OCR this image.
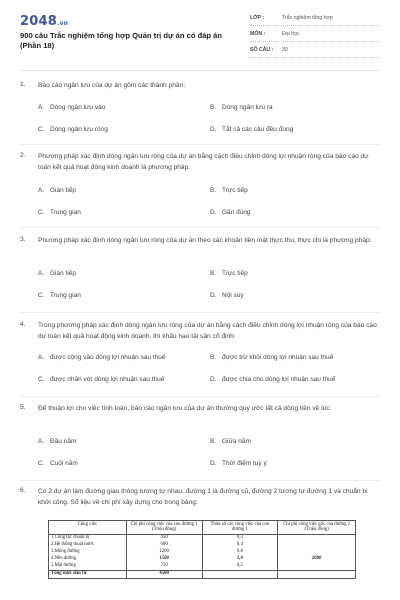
2048.vn
900 câu Trắc nghiệm tổng hợp Quản trị dự án có đáp án (Phần 18)
LỚP :	Trắc nghiệm tổng hợp
MÔN :	Đại học
SỐ CÂU : 30
1. Báo cáo ngân lưu của dự án gồm các thành phần:
A. Dòng ngân lưu vào	B. Dòng ngân lưu ra
C. Dòng ngân lưu ròng	D. Tất cả các câu đều đúng
2. Phương pháp xác định dòng ngân lưu ròng của dự án bằng cách điều chỉnh dòng lợi nhuận ròng của báo cáo dự toán kết quả hoạt động kinh doanh là phương pháp:
A. Gián tiếp	B. Trực tiếp
C. Trung gian	D. Gần đúng
3. Phương pháp xác định dòng ngân lưu ròng của dự án theo các khoản tiền mặt thực thu, thực chi là phương pháp:
A. Gián tiếp	B. Trực tiếp
C. Trung gian	D. Nội suy
4. Trong phương pháp xác định dòng ngân lưu ròng của dự án bằng cách điều chỉnh dòng lợi nhuận ròng của báo cáo dự toán kết quả hoạt động kinh doanh, thì khấu hao tài sản cố định:
A. được cộng vào dòng lợi nhuận sau thuế	B. được trừ khỏi dòng lợi nhuận sau thuế
C. được nhân với dòng lợi nhuận sau thuế	D. được chia cho dòng lợi nhuận sau thuế
5. Để thuận lợi cho việc tính toán, báo cáo ngân lưu của dự án thường quy ước tất cả dòng tiền về lúc:
A. Đầu năm	B. Giữa năm
C. Cuối năm	D. Thời điểm tuỳ ý
6. Có 2 dự án làm đường giao thông tương tự nhau. đường 1 là đường cũ, đường 2 tương tự đường 1 và chuẩn bị khởi công. Số liệu về chi phí xây dựng cho trong bảng:
Công việc	Chi phí công việc của con đường 1 (Triệu đồng)	Thừa số các công việc của con đường 1	Chi phí công việc gốc của đường 2 (Triệu đồng)
1.Công tác chuẩn bị	450	0,3	
2.Hệ thống thoát nước	600	0,4	
3.Móng đường	1200	0,8	
4.Nền đường	1500	1,0	2000
5.Mặt đường	750	0,5	
Tổng mức đầu tư	4500		
